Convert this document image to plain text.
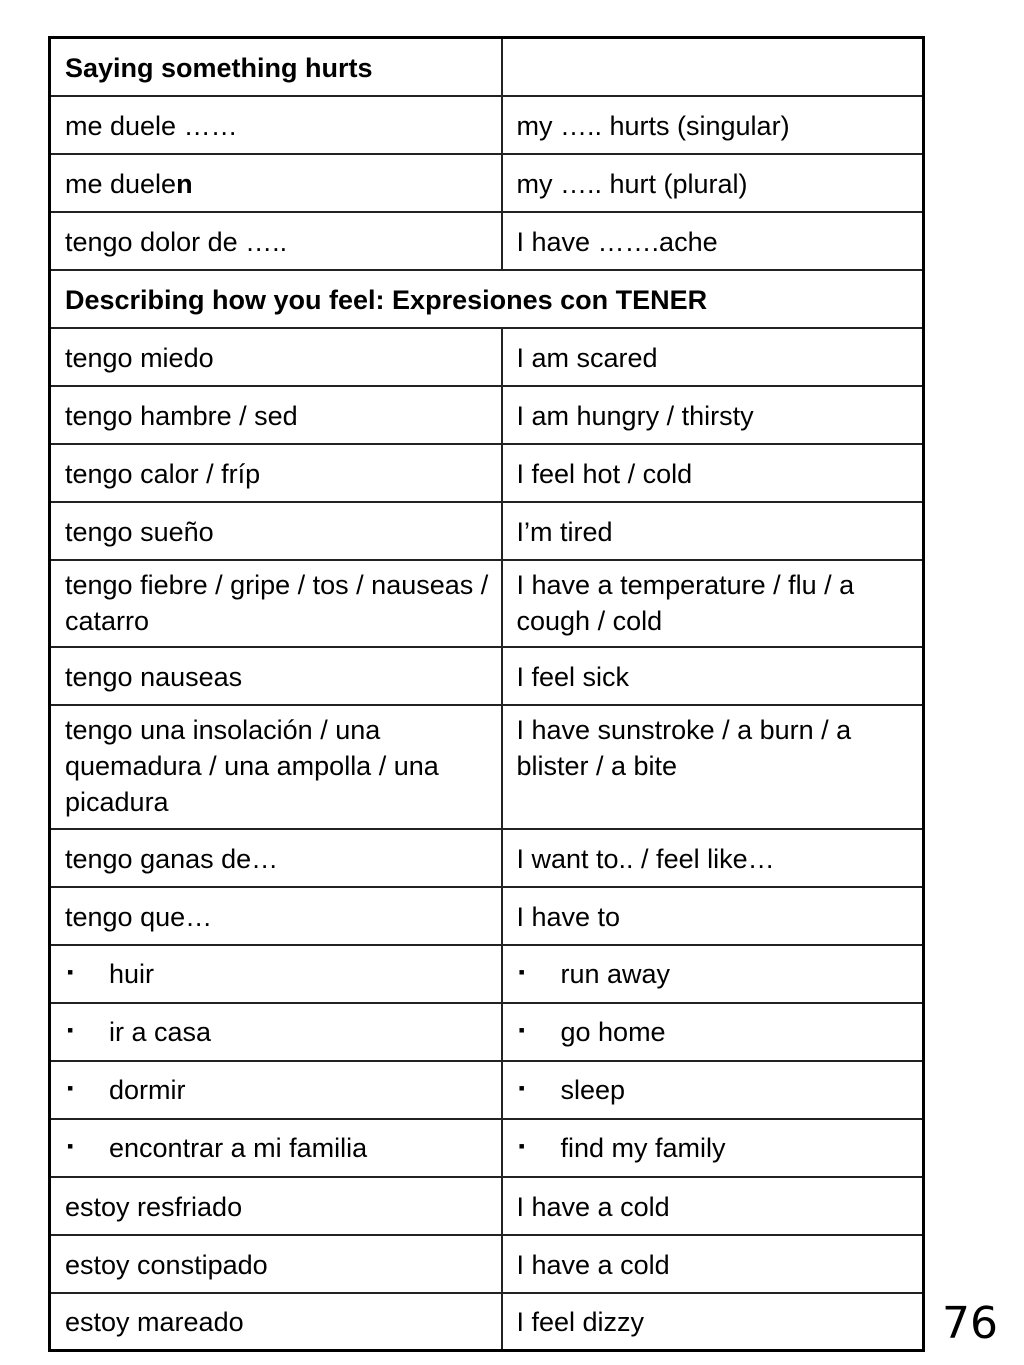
Saying something hurts	
me duele ……	my ….. hurts (singular)
me duelen	my ….. hurt (plural)
tengo dolor de …..	I have …….ache
Describing how you feel: Expresiones con TENER	
tengo miedo	I am scared
tengo hambre / sed	I am hungry / thirsty
tengo calor / fríp	I feel hot / cold
tengo sueño	I’m tired
tengo fiebre / gripe / tos / nauseas / catarro	I have a temperature / flu / a cough / cold
tengo nauseas	I feel sick
tengo una insolación / una quemadura / una ampolla / una picadura	I have sunstroke / a burn / a blister / a bite
tengo ganas de…	I want to.. / feel like…
tengo que…	I have to
▪ huir	▪ run away
▪ ir a casa	▪ go home
▪ dormir	▪ sleep
▪ encontrar a mi familia	▪ find my family
estoy resfriado	I have a cold
estoy constipado	I have a cold
estoy mareado	I feel dizzy	76
